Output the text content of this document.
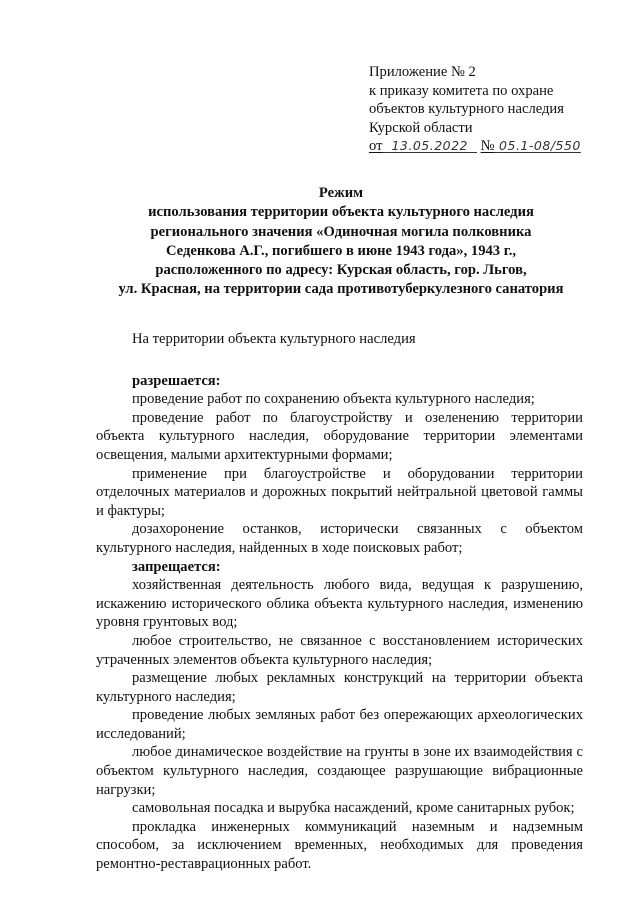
Приложение № 2
к приказу комитета по охране
объектов культурного наследия
Курской области
от 13.05.2022 № 05.1-08/550
Режим
использования территории объекта культурного наследия
регионального значения «Одиночная могила полковника
Седенкова А.Г., погибшего в июне 1943 года», 1943 г.,
расположенного по адресу: Курская область, гор. Льгов,
ул. Красная, на территории сада противотуберкулезного санатория
На территории объекта культурного наследия
разрешается:

проведение работ по сохранению объекта культурного наследия;

проведение работ по благоустройству и озеленению территории объекта культурного наследия, оборудование территории элементами освещения, малыми архитектурными формами;

применение при благоустройстве и оборудовании территории отделочных материалов и дорожных покрытий нейтральной цветовой гаммы и фактуры;

дозахоронение останков, исторически связанных с объектом культурного наследия, найденных в ходе поисковых работ;

запрещается:

хозяйственная деятельность любого вида, ведущая к разрушению, искажению исторического облика объекта культурного наследия, изменению уровня грунтовых вод;

любое строительство, не связанное с восстановлением исторических утраченных элементов объекта культурного наследия;

размещение любых рекламных конструкций на территории объекта культурного наследия;

проведение любых земляных работ без опережающих археологических исследований;

любое динамическое воздействие на грунты в зоне их взаимодействия с объектом культурного наследия, создающее разрушающие вибрационные нагрузки;

самовольная посадка и вырубка насаждений, кроме санитарных рубок;

прокладка инженерных коммуникаций наземным и надземным способом, за исключением временных, необходимых для проведения ремонтно-реставрационных работ.
